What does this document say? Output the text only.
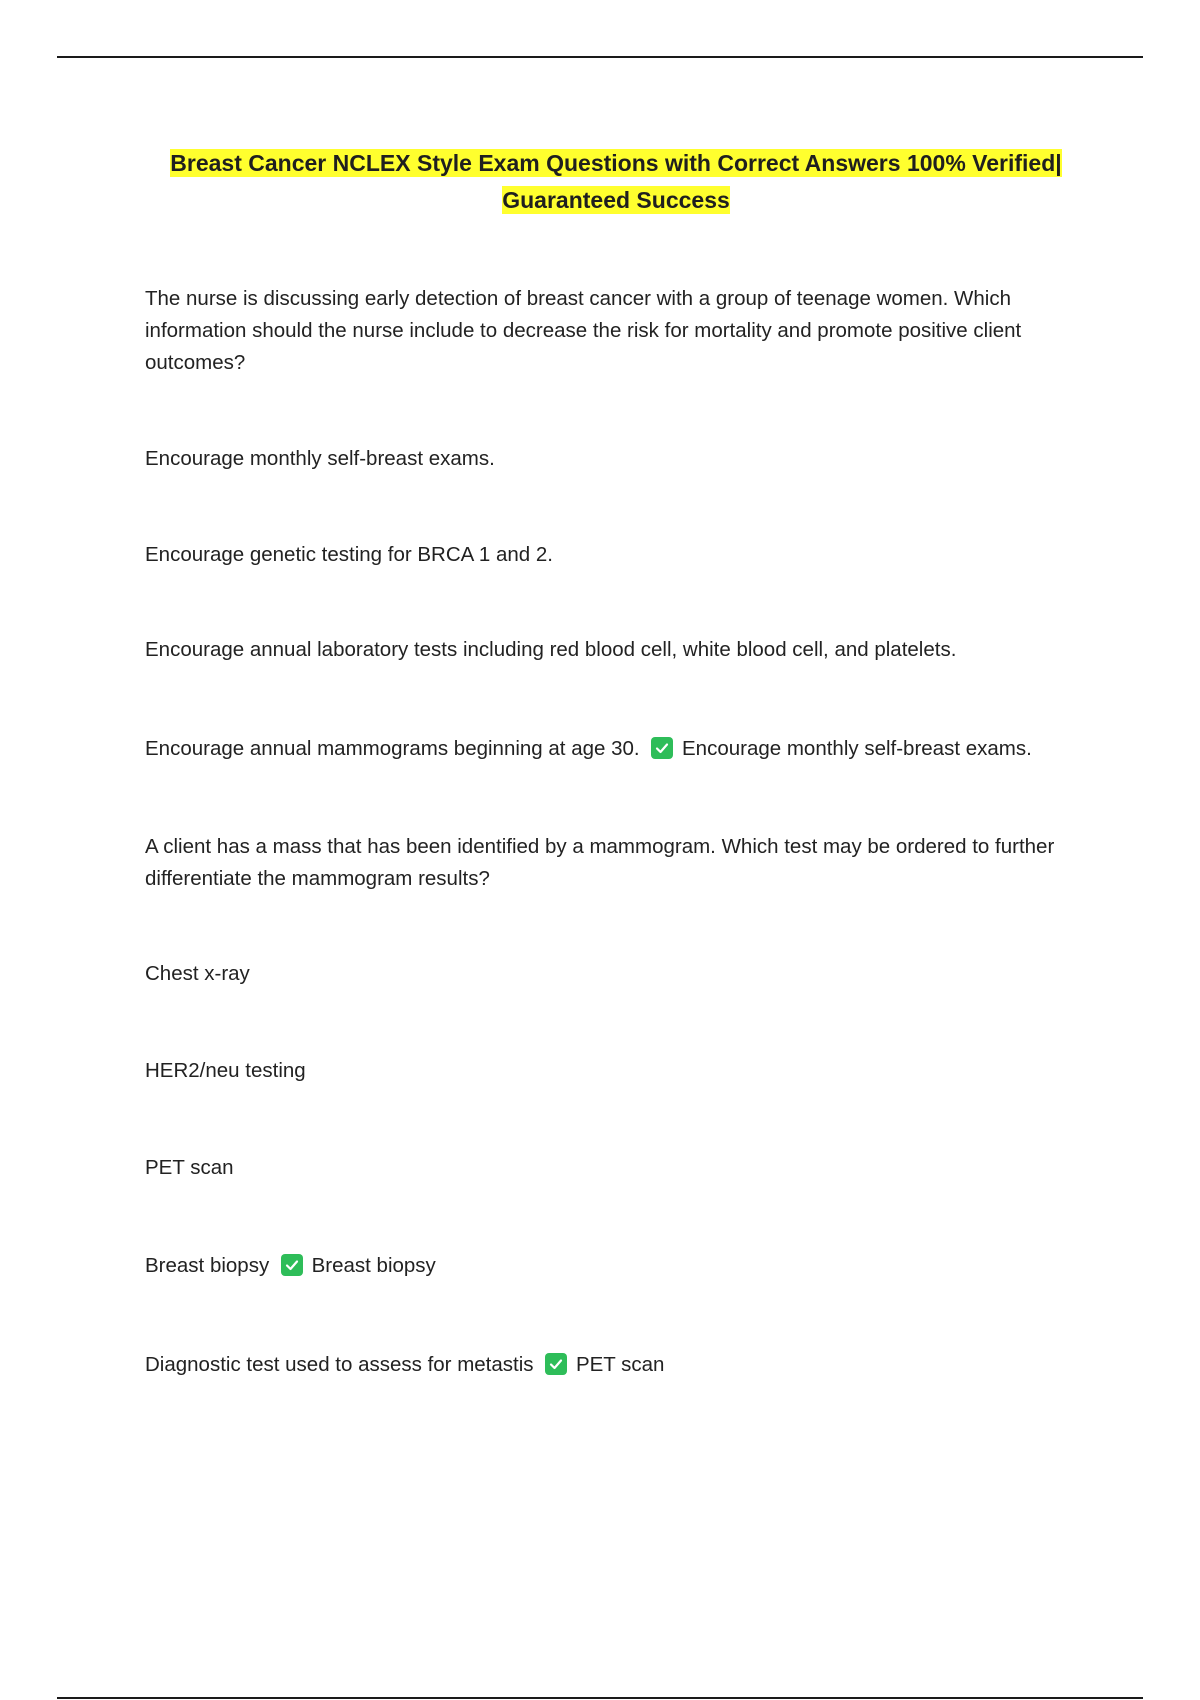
Breast Cancer NCLEX Style Exam Questions with Correct Answers 100% Verified|
Guaranteed Success
The nurse is discussing early detection of breast cancer with a group of teenage women. Which information should the nurse include to decrease the risk for mortality and promote positive client outcomes?
Encourage monthly self-breast exams.
Encourage genetic testing for BRCA 1 and 2.
Encourage annual laboratory tests including red blood cell, white blood cell, and platelets.
Encourage annual mammograms beginning at age 30. Encourage monthly self-breast exams.
A client has a mass that has been identified by a mammogram. Which test may be ordered to further differentiate the mammogram results?
Chest x-ray
HER2/neu testing
PET scan
Breast biopsy Breast biopsy
Diagnostic test used to assess for metastis PET scan
